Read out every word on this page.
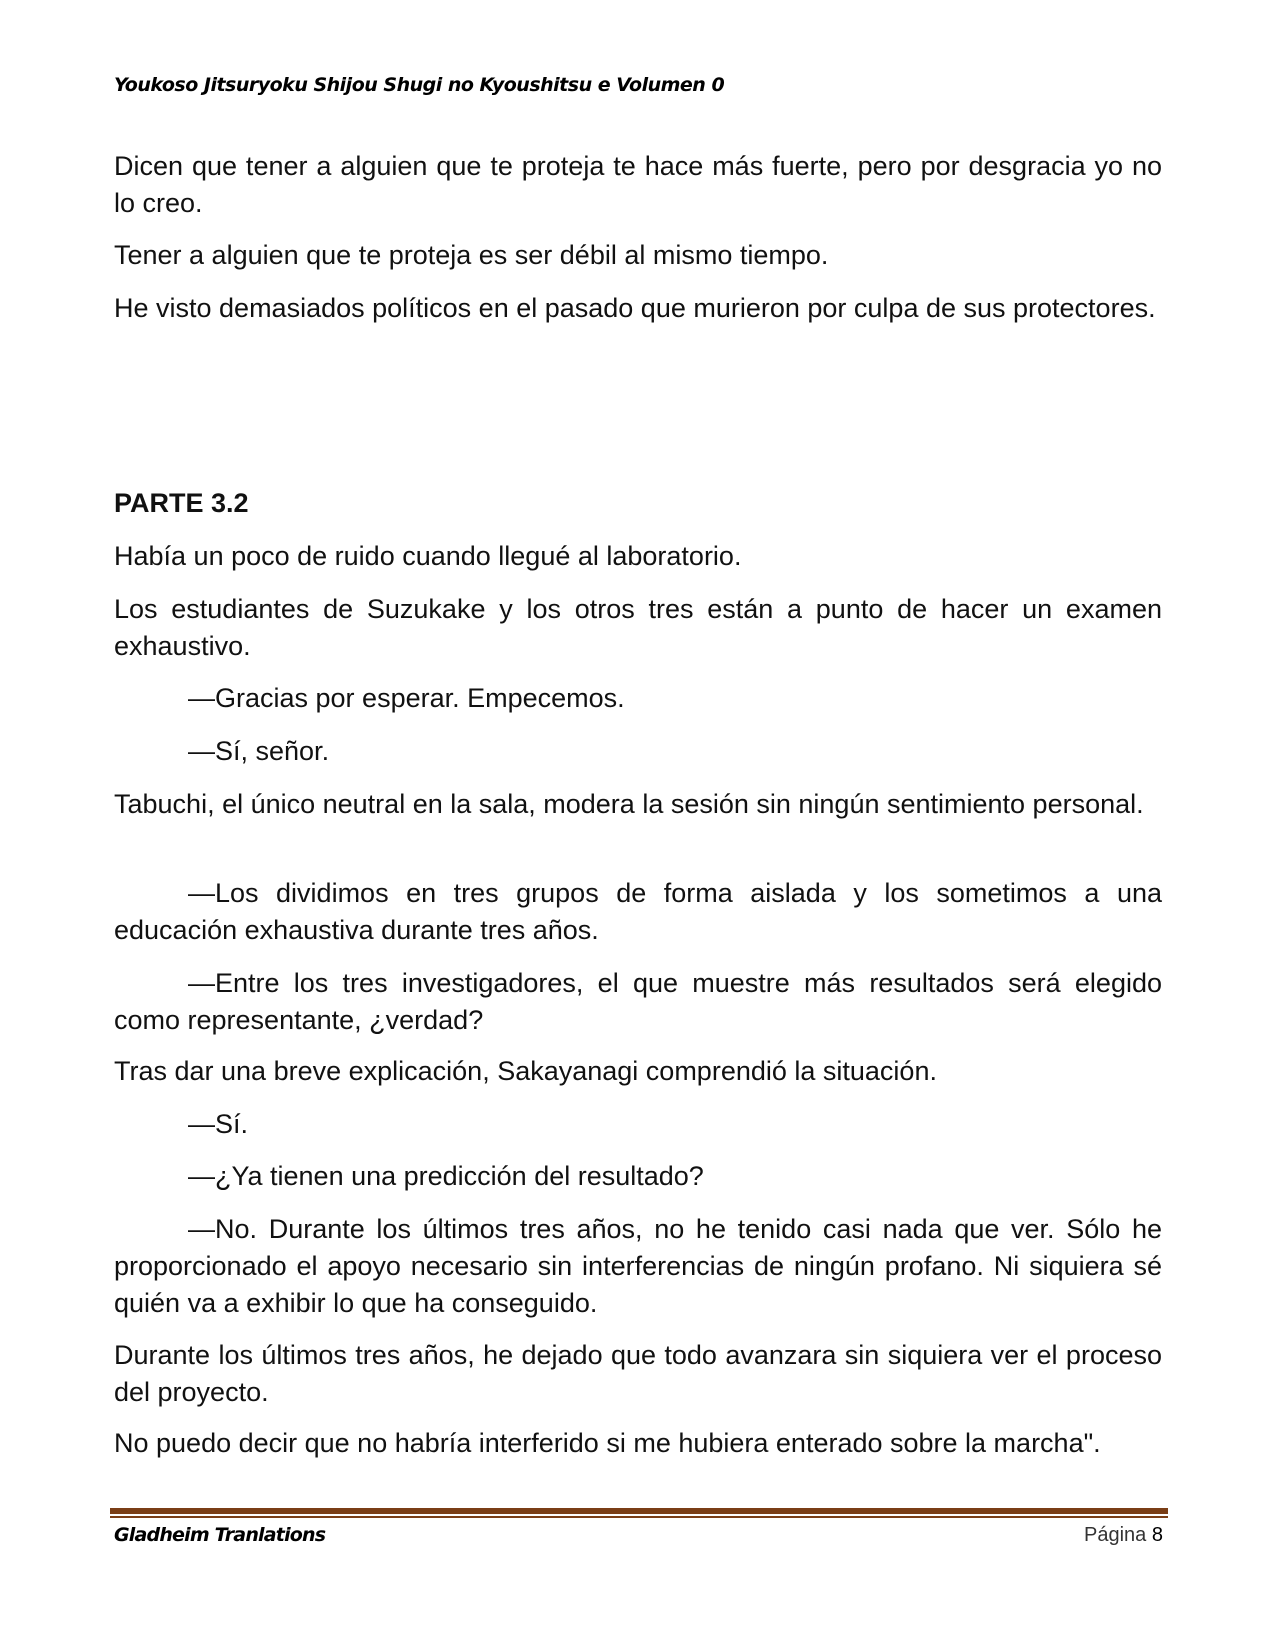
Youkoso Jitsuryoku Shijou Shugi no Kyoushitsu e Volumen 0

Dicen que tener a alguien que te proteja te hace más fuerte, pero por desgracia yo no lo creo.

Tener a alguien que te proteja es ser débil al mismo tiempo.

He visto demasiados políticos en el pasado que murieron por culpa de sus protectores.

PARTE 3.2

Había un poco de ruido cuando llegué al laboratorio.

Los estudiantes de Suzukake y los otros tres están a punto de hacer un examen exhaustivo.

—Gracias por esperar. Empecemos.

—Sí, señor.

Tabuchi, el único neutral en la sala, modera la sesión sin ningún sentimiento personal.

—Los dividimos en tres grupos de forma aislada y los sometimos a una educación exhaustiva durante tres años.

—Entre los tres investigadores, el que muestre más resultados será elegido como representante, ¿verdad?

Tras dar una breve explicación, Sakayanagi comprendió la situación.

—Sí.

—¿Ya tienen una predicción del resultado?

—No. Durante los últimos tres años, no he tenido casi nada que ver. Sólo he proporcionado el apoyo necesario sin interferencias de ningún profano. Ni siquiera sé quién va a exhibir lo que ha conseguido.

Durante los últimos tres años, he dejado que todo avanzara sin siquiera ver el proceso del proyecto.

No puedo decir que no habría interferido si me hubiera enterado sobre la marcha".

Gladheim Tranlations	Página 8
